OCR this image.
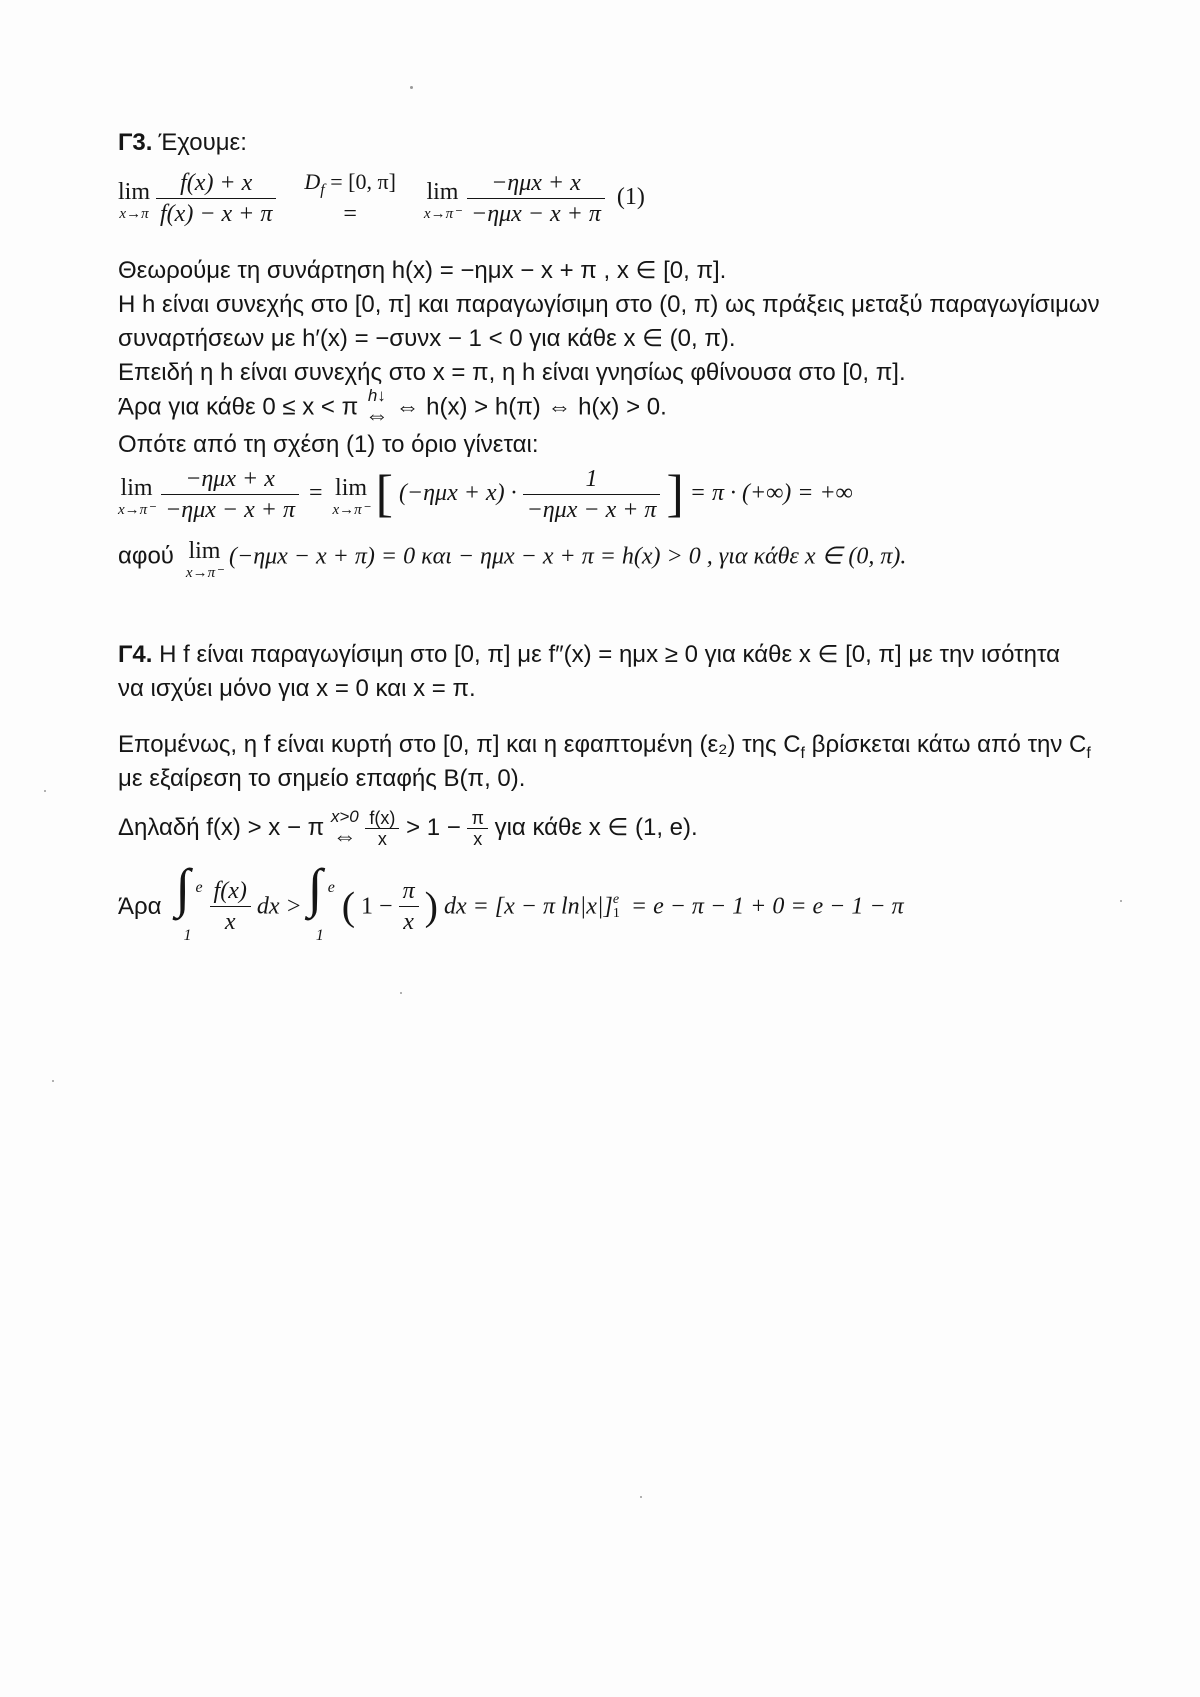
Γ3. Έχουμε:
lim
x→π
$\frac{f(x) + x}{f(x) - x + \pi}$
$D_f = [0$, π]
=

lim
x→π⁻
$\frac{\text{−ημx + x}}{\text{−ημx − x + π}} (1)$
Θεωρούμε τη συνάρτηση h(x) = −ημx − x + π , x ∈ [0, π].
Η h είναι συνεχής στο [0, π] και παραγωγίσιμη στο (0, π) ως πράξεις μεταξύ παραγωγίσιμων
συναρτήσεων με h′(x) = −συνx − 1 < 0 για κάθε x ∈ (0, π).
Επειδή η h είναι συνεχής στο x = π, η h είναι γνησίως φθίνουσα στο [0, π].
Άρα για κάθε 0 ≤ x < π h↓
⇔ ⇔ h(x) > h(π) ⇔ h(x) > 0.
Οπότε από τη σχέση (1) το όριο γίνεται:
lim
x→π⁻
$\frac{\text{−ημx + x}}{\text{−ημx − x + π}} = \lim$
x→π⁻ [ $(-\eta\mu x + x) \cdot \frac{1}{\text{−ημx − x + π}}$ ] = π · (+∞) = +∞
αφού lim
x→π⁻
(−ημx − x + π) = 0 και − ημx − x + π = h(x) > 0 , για κάθε x ∈ (0, π).
Γ4. Η f είναι παραγωγίσιμη στο [0, π] με f″(x) = ημx ≥ 0 για κάθε x ∈ [0, π] με την ισότητα
να ισχύει μόνο για x = 0 και x = π.
Επομένως, η f είναι κυρτή στο [0, π] και η εφαπτομένη (ε₂) της $C_f$ βρίσκεται κάτω από την $C_f$
με εξαίρεση το σημείο επαφής Β(π, 0).
Δηλαδή f(x) > x − π x>0
⇔
$\frac{f(x)}{x} > 1 - \frac{\pi}{x}$ για κάθε x ∈ (1, e).
Άρα ∫ e
1
$\frac{f(x)}{x}$ dx > ∫ e
1
( $1 - \frac{\pi}{x}$ ) dx = [x − π ln|x|] e
1 = e − π − 1 + 0 = e − 1 − π
